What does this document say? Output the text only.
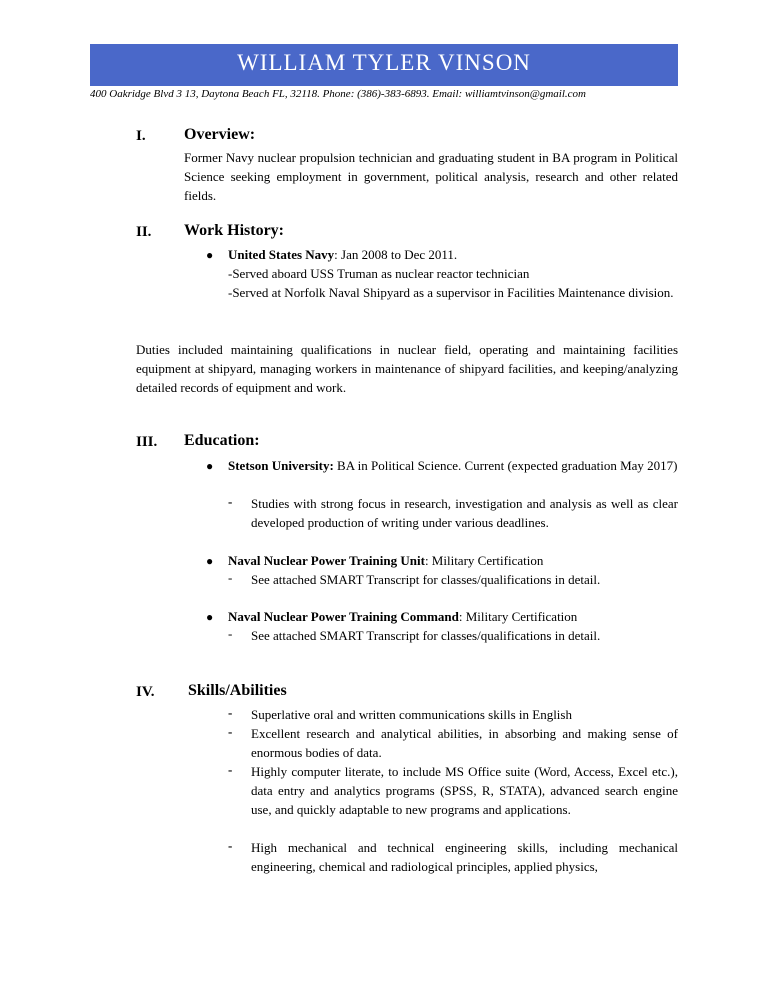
WILLIAM TYLER VINSON
400 Oakridge Blvd 3 13, Daytona Beach FL, 32118. Phone: (386)-383-6893. Email: williamtvinson@gmail.com
I. Overview:
Former Navy nuclear propulsion technician and graduating student in BA program in Political Science seeking employment in government, political analysis, research and other related fields.
II. Work History:
● United States Navy: Jan 2008 to Dec 2011.
-Served aboard USS Truman as nuclear reactor technician
-Served at Norfolk Naval Shipyard as a supervisor in Facilities Maintenance division.
Duties included maintaining qualifications in nuclear field, operating and maintaining facilities equipment at shipyard, managing workers in maintenance of shipyard facilities, and keeping/analyzing detailed records of equipment and work.
III. Education:
● Stetson University: BA in Political Science. Current (expected graduation May 2017)
- Studies with strong focus in research, investigation and analysis as well as clear developed production of writing under various deadlines.
● Naval Nuclear Power Training Unit: Military Certification
- See attached SMART Transcript for classes/qualifications in detail.
● Naval Nuclear Power Training Command: Military Certification
- See attached SMART Transcript for classes/qualifications in detail.
IV. Skills/Abilities
- Superlative oral and written communications skills in English
- Excellent research and analytical abilities, in absorbing and making sense of enormous bodies of data.
- Highly computer literate, to include MS Office suite (Word, Access, Excel etc.), data entry and analytics programs (SPSS, R, STATA), advanced search engine use, and quickly adaptable to new programs and applications.
- High mechanical and technical engineering skills, including mechanical engineering, chemical and radiological principles, applied physics,
